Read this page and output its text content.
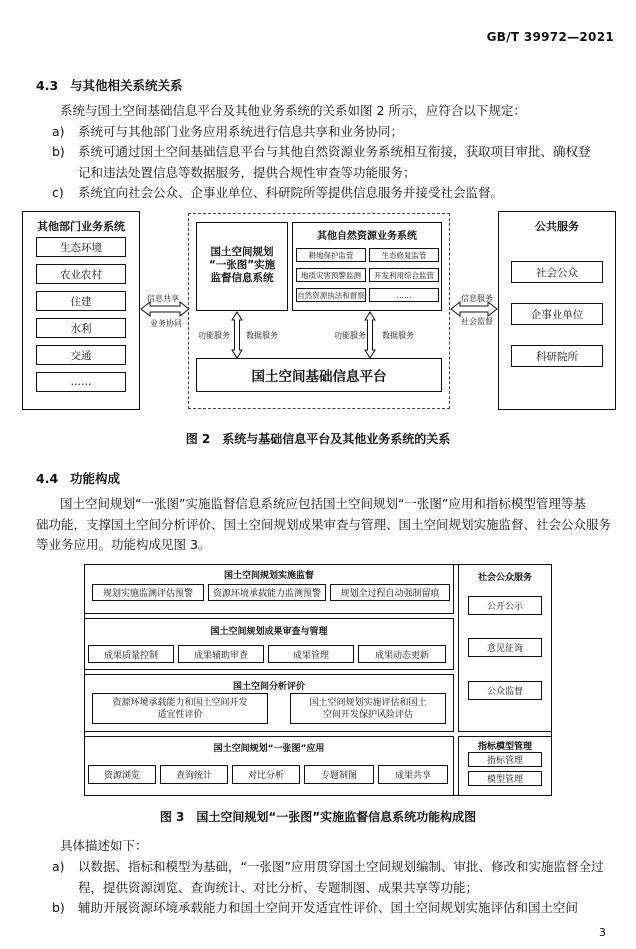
GB/T 39972—2021
4.3 与其他相关系统关系
系统与国土空间基础信息平台及其他业务系统的关系如图 2 所示，应符合以下规定：
a) 系统可与其他部门业务应用系统进行信息共享和业务协同；
b) 系统可通过国土空间基础信息平台与其他自然资源业务系统相互衔接，获取项目审批、确权登
记和违法处置信息等数据服务，提供合规性审查等功能服务；
c) 系统宜向社会公众、企事业单位、科研院所等提供信息服务并接受社会监督。
其他部门业务系统
生态环境
农业农村
住建
水利
交通
……
国土空间规划
“一张图”实施
监督信息系统
其他自然资源业务系统
耕地保护监管	生态修复监管
地质灾害预警监测	开发利用综合监管
自然资源执法和督察	……
国土空间基础信息平台
功能服务 数据服务	功能服务 数据服务
信息共享
业务协同
信息服务
社会监督
公共服务
社会公众
企事业单位
科研院所
图 2　系统与基础信息平台及其他业务系统的关系
4.4 功能构成
国土空间规划“一张图”实施监督信息系统应包括国土空间规划“一张图”应用和指标模型管理等基
础功能，支撑国土空间分析评价、国土空间规划成果审查与管理、国土空间规划实施监督、社会公众服务
等业务应用。功能构成见图 3。
国土空间规划实施监督
规划实施监测评估预警	资源环境承载能力监测预警	规划全过程自动强制留痕
国土空间规划成果审查与管理
成果质量控制	成果辅助审查	成果管理	成果动态更新
国土空间分析评价
资源环境承载能力和国土空间开发
适宜性评价
国土空间规划实施评估和国土
空间开发保护风险评估
国土空间规划“一张图”应用
资源浏览	查询统计	对比分析	专题制图	成果共享
社会公众服务
公开公示
意见征询
公众监督
指标模型管理
指标管理
模型管理
图 3　国土空间规划“一张图”实施监督信息系统功能构成图
具体描述如下：
a) 以数据、指标和模型为基础，“一张图”应用贯穿国土空间规划编制、审批、修改和实施监督全过
程，提供资源浏览、查询统计、对比分析、专题制图、成果共享等功能；
b) 辅助开展资源环境承载能力和国土空间开发适宜性评价、国土空间规划实施评估和国土空间
3
